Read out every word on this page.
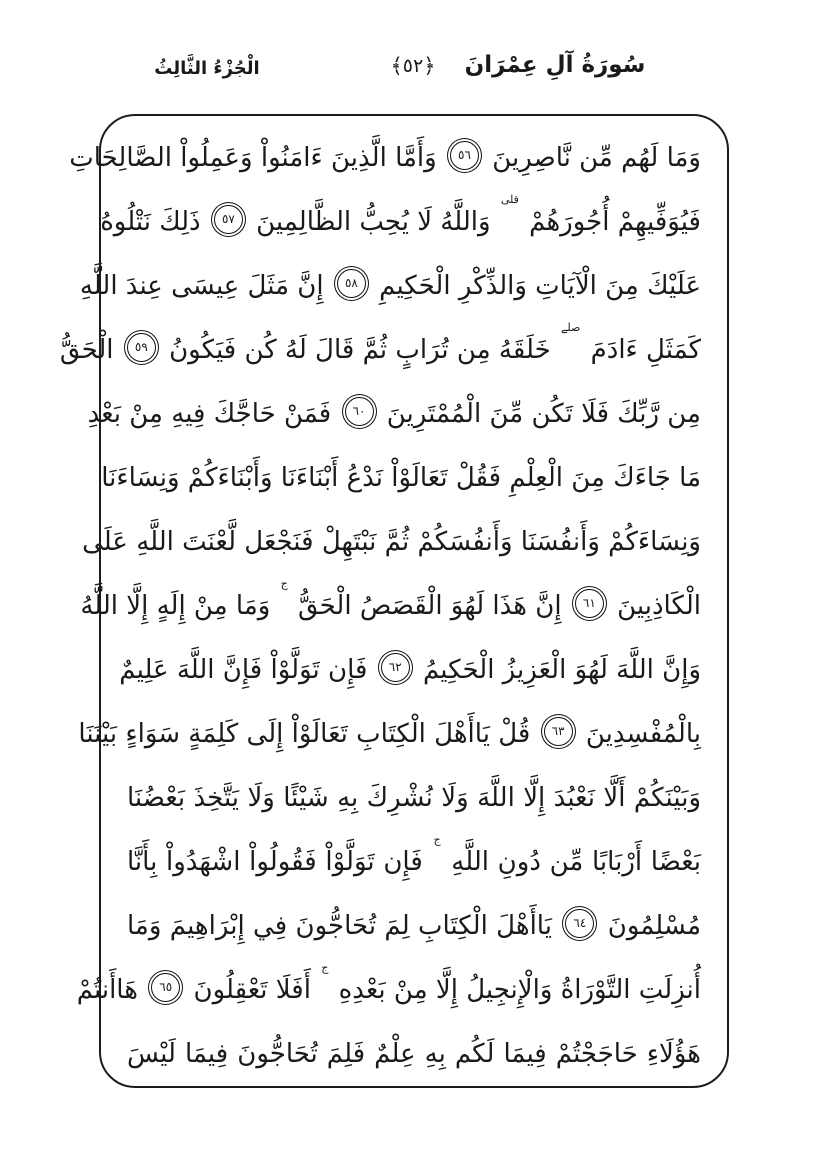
الْجُزْءُ الثَّالِثُ	﴿٥٢﴾	سُورَةُ آلِ عِمْرَانَ
وَمَا لَهُم مِّن نَّاصِرِينَ ٥٦ وَأَمَّا الَّذِينَ ءَامَنُواْ وَعَمِلُواْ الصَّالِحَاتِ
فَيُوَفِّيهِمْ أُجُورَهُمْ قلى وَاللَّهُ لَا يُحِبُّ الظَّالِمِينَ ٥٧ ذَلِكَ نَتْلُوهُ
عَلَيْكَ مِنَ الْآيَاتِ وَالذِّكْرِ الْحَكِيمِ ٥٨ إِنَّ مَثَلَ عِيسَى عِندَ اللَّهِ
كَمَثَلِ ءَادَمَ صلے خَلَقَهُ مِن تُرَابٍ ثُمَّ قَالَ لَهُ كُن فَيَكُونُ ٥٩ الْحَقُّ
مِن رَّبِّكَ فَلَا تَكُن مِّنَ الْمُمْتَرِينَ ٦٠ فَمَنْ حَاجَّكَ فِيهِ مِنْ بَعْدِ
مَا جَاءَكَ مِنَ الْعِلْمِ فَقُلْ تَعَالَوْاْ نَدْعُ أَبْنَاءَنَا وَأَبْنَاءَكُمْ وَنِسَاءَنَا
وَنِسَاءَكُمْ وَأَنفُسَنَا وَأَنفُسَكُمْ ثُمَّ نَبْتَهِلْ فَنَجْعَل لَّعْنَتَ اللَّهِ عَلَى
الْكَاذِبِينَ ٦١ إِنَّ هَذَا لَهُوَ الْقَصَصُ الْحَقُّ ج وَمَا مِنْ إِلَهٍ إِلَّا اللَّهُ
وَإِنَّ اللَّهَ لَهُوَ الْعَزِيزُ الْحَكِيمُ ٦٢ فَإِن تَوَلَّوْاْ فَإِنَّ اللَّهَ عَلِيمٌ
بِالْمُفْسِدِينَ ٦٣ قُلْ يَاأَهْلَ الْكِتَابِ تَعَالَوْاْ إِلَى كَلِمَةٍ سَوَاءٍ بَيْنَنَا
وَبَيْنَكُمْ أَلَّا نَعْبُدَ إِلَّا اللَّهَ وَلَا نُشْرِكَ بِهِ شَيْئًا وَلَا يَتَّخِذَ بَعْضُنَا
بَعْضًا أَرْبَابًا مِّن دُونِ اللَّهِ ج فَإِن تَوَلَّوْاْ فَقُولُواْ اشْهَدُواْ بِأَنَّا
مُسْلِمُونَ ٦٤ يَاأَهْلَ الْكِتَابِ لِمَ تُحَاجُّونَ فِي إِبْرَاهِيمَ وَمَا
أُنزِلَتِ التَّوْرَاةُ وَالْإِنجِيلُ إِلَّا مِنْ بَعْدِهِ ج أَفَلَا تَعْقِلُونَ ٦٥ هَاأَنتُمْ
هَؤُلَاءِ حَاجَجْتُمْ فِيمَا لَكُم بِهِ عِلْمٌ فَلِمَ تُحَاجُّونَ فِيمَا لَيْسَ
